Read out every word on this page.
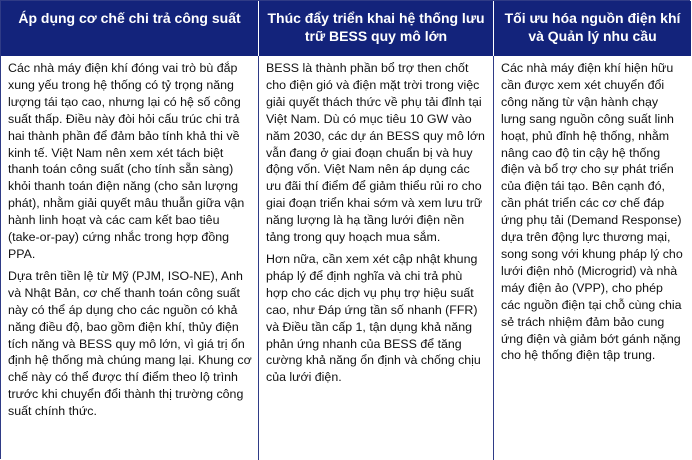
Áp dụng cơ chế chi trả công suất Thúc đẩy triển khai hệ thống lưu trữ BESS quy mô lớn
Tối ưu hóa nguồn điện khí và Quản lý nhu cầu

Các nhà máy điện khí đóng vai trò bù đắp xung yếu trong hệ thống có tỷ trọng năng lượng tái tạo cao, nhưng lại có hệ số công suất thấp. Điều này đòi hỏi cấu trúc chi trả hai thành phần để đảm bảo tính khả thi về kinh tế. Việt Nam nên xem xét tách biệt thanh toán công suất (cho tính sẵn sàng) khỏi thanh toán điện năng (cho sản lượng phát), nhằm giải quyết mâu thuẫn giữa vận hành linh hoạt và các cam kết bao tiêu (take-or-pay) cứng nhắc trong hợp đồng PPA.

Dựa trên tiền lệ từ Mỹ (PJM, ISO-NE), Anh và Nhật Bản, cơ chế thanh toán công suất này có thể áp dụng cho các nguồn có khả năng điều độ, bao gồm điện khí, thủy điện tích năng và BESS quy mô lớn, vì giá trị ổn định hệ thống mà chúng mang lại. Khung cơ chế này có thể được thí điểm theo lộ trình trước khi chuyển đổi thành thị trường công suất chính thức.

BESS là thành phần bổ trợ then chốt cho điện gió và điện mặt trời trong việc giải quyết thách thức về phụ tải đỉnh tại Việt Nam. Dù có mục tiêu 10 GW vào năm 2030, các dự án BESS quy mô lớn vẫn đang ở giai đoạn chuẩn bị và huy động vốn. Việt Nam nên áp dụng các ưu đãi thí điểm để giảm thiểu rủi ro cho giai đoạn triển khai sớm và xem lưu trữ năng lượng là hạ tầng lưới điện nền tảng trong quy hoạch mua sắm.

Hơn nữa, cần xem xét cập nhật khung pháp lý để định nghĩa và chi trả phù hợp cho các dịch vụ phụ trợ hiệu suất cao, như Đáp ứng tần số nhanh (FFR) và Điều tần cấp 1, tận dụng khả năng phản ứng nhanh của BESS để tăng cường khả năng ổn định và chống chịu của lưới điện.

Các nhà máy điện khí hiện hữu cần được xem xét chuyển đổi công năng từ vận hành chạy lưng sang nguồn công suất linh hoạt, phủ đỉnh hệ thống, nhằm nâng cao độ tin cậy hệ thống điện và bổ trợ cho sự phát triển của điện tái tạo. Bên cạnh đó, cần phát triển các cơ chế đáp ứng phụ tải (Demand Response) dựa trên động lực thương mại, song song với khung pháp lý cho lưới điện nhỏ (Microgrid) và nhà máy điện ảo (VPP), cho phép các nguồn điện tại chỗ cùng chia sẻ trách nhiệm đảm bảo cung ứng điện và giảm bớt gánh nặng cho hệ thống điện tập trung.
